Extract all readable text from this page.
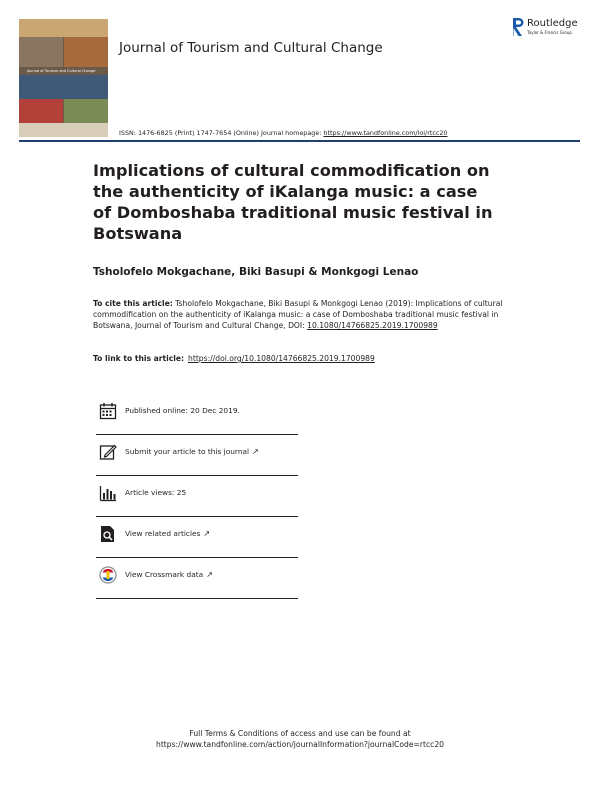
Journal of Tourism and Cultural Change
Journal of Tourism and Cultural Change
Routledge
Taylor & Francis Group
ISSN: 1476-6825 (Print) 1747-7654 (Online) Journal homepage: https://www.tandfonline.com/loi/rtcc20
Implications of cultural commodification on the authenticity of iKalanga music: a case of Domboshaba traditional music festival in Botswana
Tsholofelo Mokgachane, Biki Basupi & Monkgogi Lenao
To cite this article: Tsholofelo Mokgachane, Biki Basupi & Monkgogi Lenao (2019): Implications of cultural commodification on the authenticity of iKalanga music: a case of Domboshaba traditional music festival in Botswana, Journal of Tourism and Cultural Change, DOI: 10.1080/14766825.2019.1700989
To link to this article: https://doi.org/10.1080/14766825.2019.1700989
Published online: 20 Dec 2019.
Submit your article to this journal ↗
Article views: 25
View related articles ↗
View Crossmark data ↗
Full Terms & Conditions of access and use can be found at
https://www.tandfonline.com/action/journalInformation?journalCode=rtcc20
